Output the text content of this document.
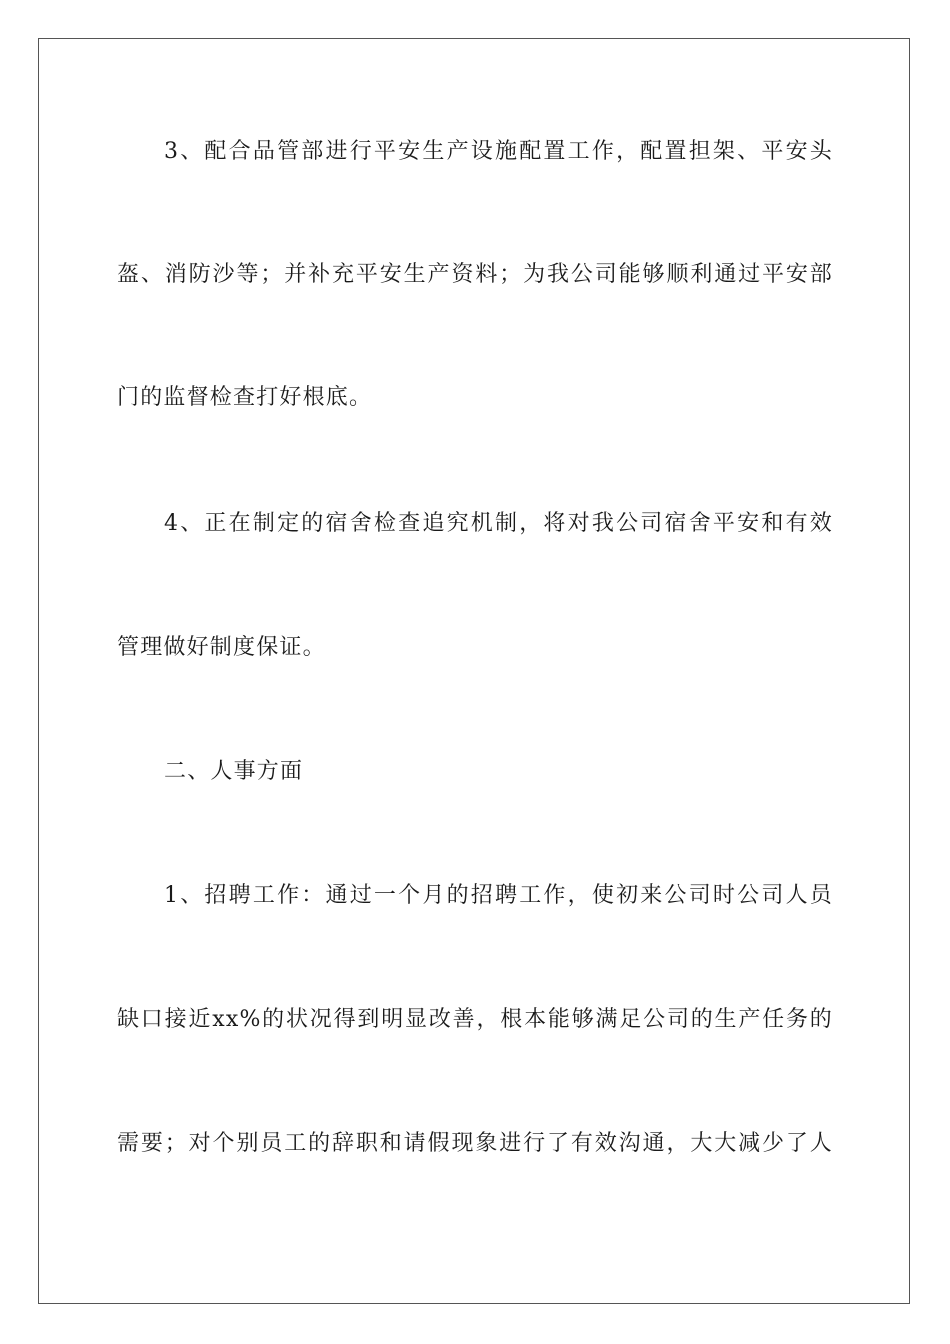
3、配合品管部进行平安生产设施配置工作，配置担架、平安头
盔、消防沙等；并补充平安生产资料；为我公司能够顺利通过平安部
门的监督检查打好根底。
4、正在制定的宿舍检查追究机制，将对我公司宿舍平安和有效
管理做好制度保证。
二、人事方面
1、招聘工作：通过一个月的招聘工作，使初来公司时公司人员
缺口接近xx%的状况得到明显改善，根本能够满足公司的生产任务的
需要；对个别员工的辞职和请假现象进行了有效沟通，大大减少了人
